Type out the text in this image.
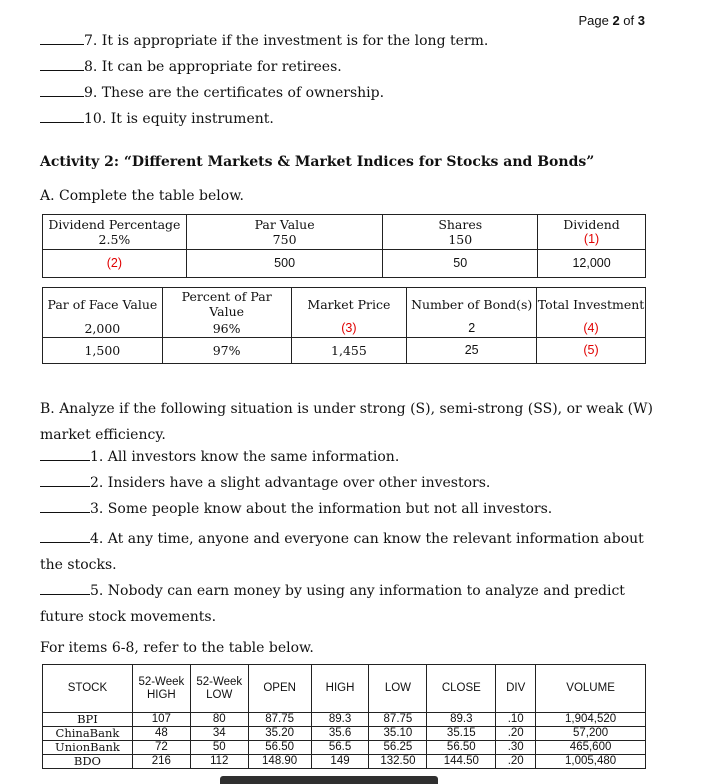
Page 2 of 3
7. It is appropriate if the investment is for the long term.
8. It can be appropriate for retirees.
9. These are the certificates of ownership.
10. It is equity instrument.
Activity 2: “Different Markets & Market Indices for Stocks and Bonds”
A. Complete the table below.
Dividend Percentage	Par Value	Shares	Dividend
2.5%	750	150	(1)
(2)	500	50	12,000
Par of Face Value	Percent of Par Value	Market Price	Number of Bond(s)	Total Investment
2,000	96%	(3)	2	(4)
1,500	97%	1,455	25	(5)
B. Analyze if the following situation is under strong (S), semi-strong (SS), or weak (W) market efficiency.
1. All investors know the same information.
2. Insiders have a slight advantage over other investors.
3. Some people know about the information but not all investors.
4. At any time, anyone and everyone can know the relevant information about the stocks.
5. Nobody can earn money by using any information to analyze and predict future stock movements.
For items 6-8, refer to the table below.
STOCK	52-Week HIGH	52-Week LOW	OPEN	HIGH	LOW	CLOSE	DIV	VOLUME
BPI	107	80	87.75	89.3	87.75	89.3	.10	1,904,520
ChinaBank	48	34	35.20	35.6	35.10	35.15	.20	57,200
UnionBank	72	50	56.50	56.5	56.25	56.50	.30	465,600
BDO	216	112	148.90	149	132.50	144.50	.20	1,005,480
